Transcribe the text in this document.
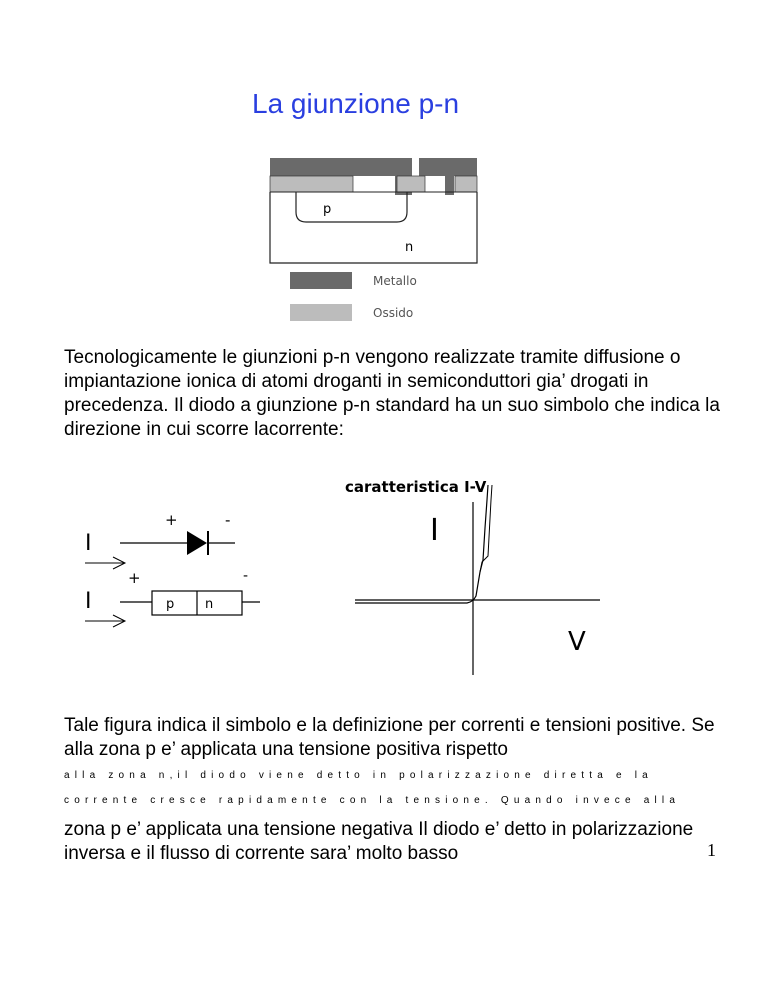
La giunzione p-n
p
n
Metallo
Ossido
Tecnologicamente le giunzioni p-n vengono realizzate tramite diffusione o impiantazione ionica di atomi droganti in semiconduttori gia’ drogati in precedenza. Il diodo a giunzione p-n standard ha un suo simbolo che indica la direzione in cui scorre lacorrente:
I
+	-
I
+	-
p n
caratteristica I-V
I
V
Tale figura indica il simbolo e la definizione per correnti e tensioni positive. Se alla zona p e’ applicata una tensione positiva rispetto
alla zona n,il diodo viene detto in polarizzazione diretta e la
corrente cresce rapidamente con la tensione. Quando invece alla
zona p e’ applicata una tensione negativa Il diodo e’ detto in polarizzazione inversa e il flusso di corrente sara’ molto basso	1
